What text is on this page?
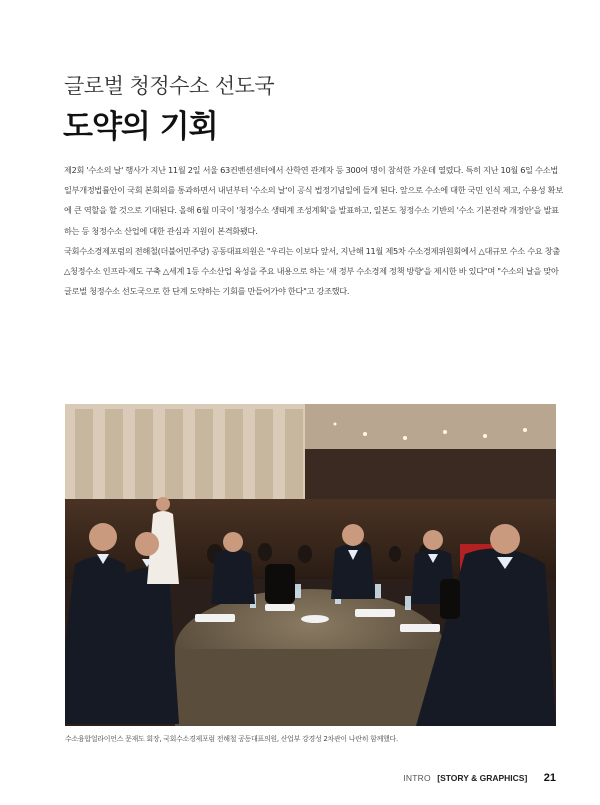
글로벌 청정수소 선도국
도약의 기회

제2회 '수소의 날' 행사가 지난 11월 2일 서울 63컨벤션센터에서 산학연 관계자 등 300여 명이 참석한 가운데 열렸다. 특히 지난 10월 6일 수소법 일부개정법률안이 국회 본회의를 통과하면서 내년부터 '수소의 날'이 공식 법정기념일에 들게 된다. 앞으로 수소에 대한 국민 인식 제고, 수용성 확보에 큰 역할을 할 것으로 기대된다. 올해 6월 미국이 '청정수소 생태계 조성계획'을 발표하고, 일본도 청정수소 기반의 '수소 기본전략 개정안'을 발표하는 등 청정수소 산업에 대한 관심과 지원이 본격화됐다.

국회수소경제포럼의 전해철(더불어민주당) 공동대표의원은 "우리는 이보다 앞서, 지난해 11월 제5차 수소경제위원회에서 △대규모 수소 수요 창출 △청정수소 인프라·제도 구축 △세계 1등 수소산업 육성을 주요 내용으로 하는 '새 정부 수소경제 정책 방향'을 제시한 바 있다"며 "수소의 날을 맞아 글로벌 청정수소 선도국으로 한 단계 도약하는 기회를 만들어가야 한다"고 강조했다.

수소융합얼라이언스 문재도 회장, 국회수소경제포럼 전해철 공동대표의원, 산업부 강경성 2차관이 나란히 함께했다.
INTRO [STORY & GRAPHICS] 21
